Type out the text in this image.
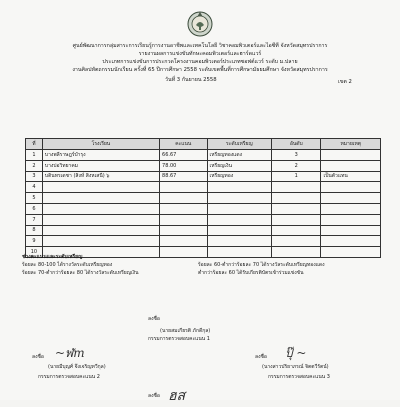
ศูนย์พัฒนาการกลุ่มสาระการเรียนรู้การงานอาชีพและเทคโนโลยี วิชาคอมพิวเตอร์และไอซีที จังหวัดสมุทรปราการ
รายงานผลการแข่งขันทักษะคอมพิวเตอร์และฮาร์ดแวร์
ประเภทการแข่งขันการประกวดโครงงานคอมพิวเตอร์ประเภทซอฟต์แวร์ ระดับ ม.ปลาย
งานศิลปหัตถกรรมนักเรียน ครั้งที่ 65 ปีการศึกษา 2558 ระดับเขตพื้นที่การศึกษามัธยมศึกษา จังหวัดสมุทรปราการ
วันที่ 3 กันยายน 2558	เขต 2
ที่	โรงเรียน	คะแนน	ระดับเหรียญ	อันดับ	หมายเหตุ
1	บางพลีราษฎร์บำรุง	66.67	เหรียญทองแดง	3	
2	บางบ่อวิทยาคม	78.00	เหรียญเงิน	2	
3	บดินทรเดชา (สิงห์ สิงหเสนี) ๖	88.67	เหรียญทอง	1	เป็นตัวแทน
4					
5					
6					
7					
8					
9					
10					
ช่วงคะแนนและระดับเหรียญ
ร้อยละ 80-100 ได้รางวัลระดับเหรียญทอง
ร้อยละ 70-ต่ำกว่าร้อยละ 80 ได้รางวัลระดับเหรียญเงิน
ร้อยละ 60-ต่ำกว่าร้อยละ 70 ได้รางวัลระดับเหรียญทองแดง
ต่ำกว่าร้อยละ 60 ได้รับเกียรติบัตรเข้าร่วมแข่งขัน
ลงชื่อ
(นายสมเกียรติ ภักดีกุล)
กรรมการตรวจสอบคะแนน 1
~ฬm
ลงชื่อ
(นายมีบุญศ์ จึงเจริญทวีกุล)
กรรมการตรวจสอบคะแนน 2
ปุ๊ ~
ลงชื่อ
(นางสาวปริยาภรณ์ จิตตวีรัตน์)
กรรมการตรวจสอบคะแนน 3
ลงชื่อ ฮส
